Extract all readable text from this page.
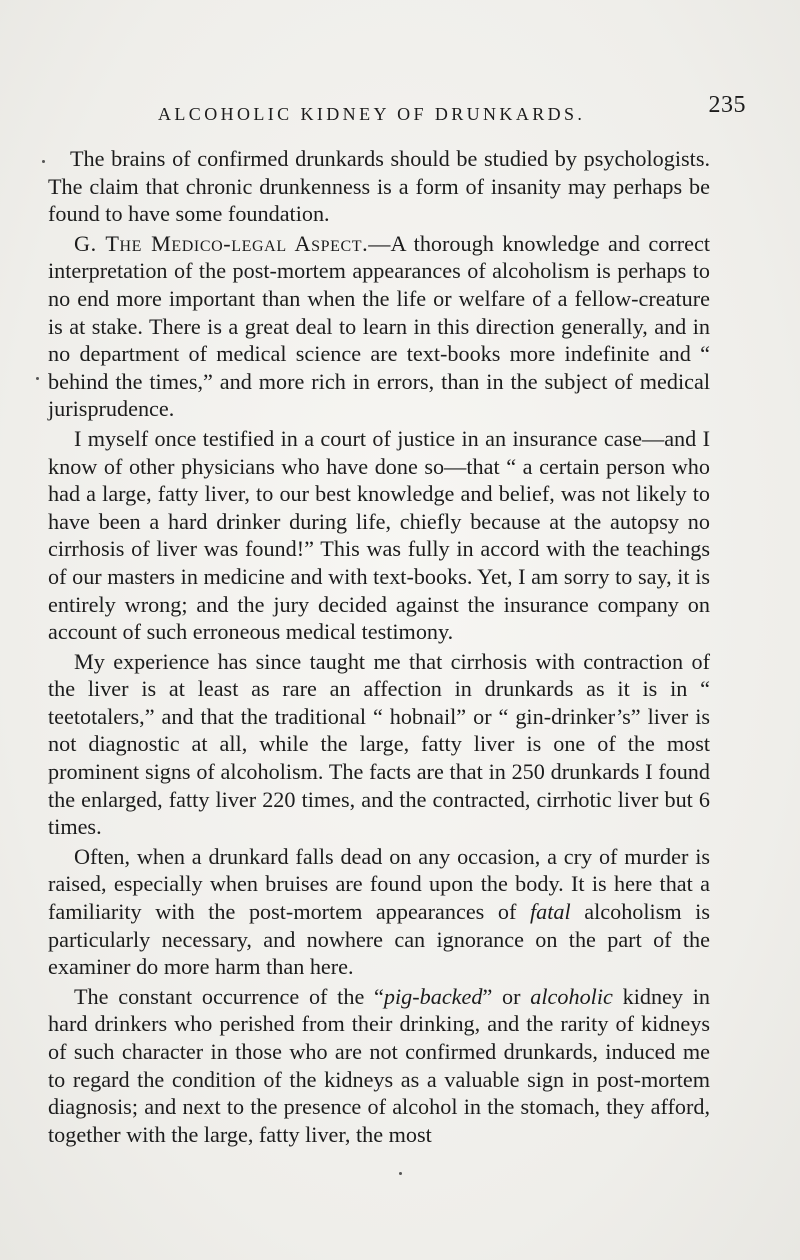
ALCOHOLIC KIDNEY OF DRUNKARDS.	235

The brains of confirmed drunkards should be studied by psychologists. The claim that chronic drunkenness is a form of insanity may perhaps be found to have some foundation.

G. The Medico-legal Aspect.—A thorough knowledge and correct interpretation of the post-mortem appearances of alcoholism is perhaps to no end more important than when the life or welfare of a fellow-creature is at stake. There is a great deal to learn in this direction generally, and in no department of medical science are text-books more indefinite and “ behind the times,” and more rich in errors, than in the subject of medical jurisprudence.

I myself once testified in a court of justice in an insurance case—and I know of other physicians who have done so—that “ a certain person who had a large, fatty liver, to our best knowledge and belief, was not likely to have been a hard drinker during life, chiefly because at the autopsy no cirrhosis of liver was found!” This was fully in accord with the teachings of our masters in medicine and with text-books. Yet, I am sorry to say, it is entirely wrong; and the jury decided against the insurance company on account of such erroneous medical testimony.

My experience has since taught me that cirrhosis with contraction of the liver is at least as rare an affection in drunkards as it is in “ teetotalers,” and that the traditional “ hobnail” or “ gin-drinker’s” liver is not diagnostic at all, while the large, fatty liver is one of the most prominent signs of alcoholism. The facts are that in 250 drunkards I found the enlarged, fatty liver 220 times, and the contracted, cirrhotic liver but 6 times.

Often, when a drunkard falls dead on any occasion, a cry of murder is raised, especially when bruises are found upon the body. It is here that a familiarity with the post-mortem appearances of fatal alcoholism is particularly necessary, and nowhere can ignorance on the part of the examiner do more harm than here.

The constant occurrence of the “pig-backed” or alcoholic kidney in hard drinkers who perished from their drinking, and the rarity of kidneys of such character in those who are not confirmed drunkards, induced me to regard the condition of the kidneys as a valuable sign in post-mortem diagnosis; and next to the presence of alcohol in the stomach, they afford, together with the large, fatty liver, the most
